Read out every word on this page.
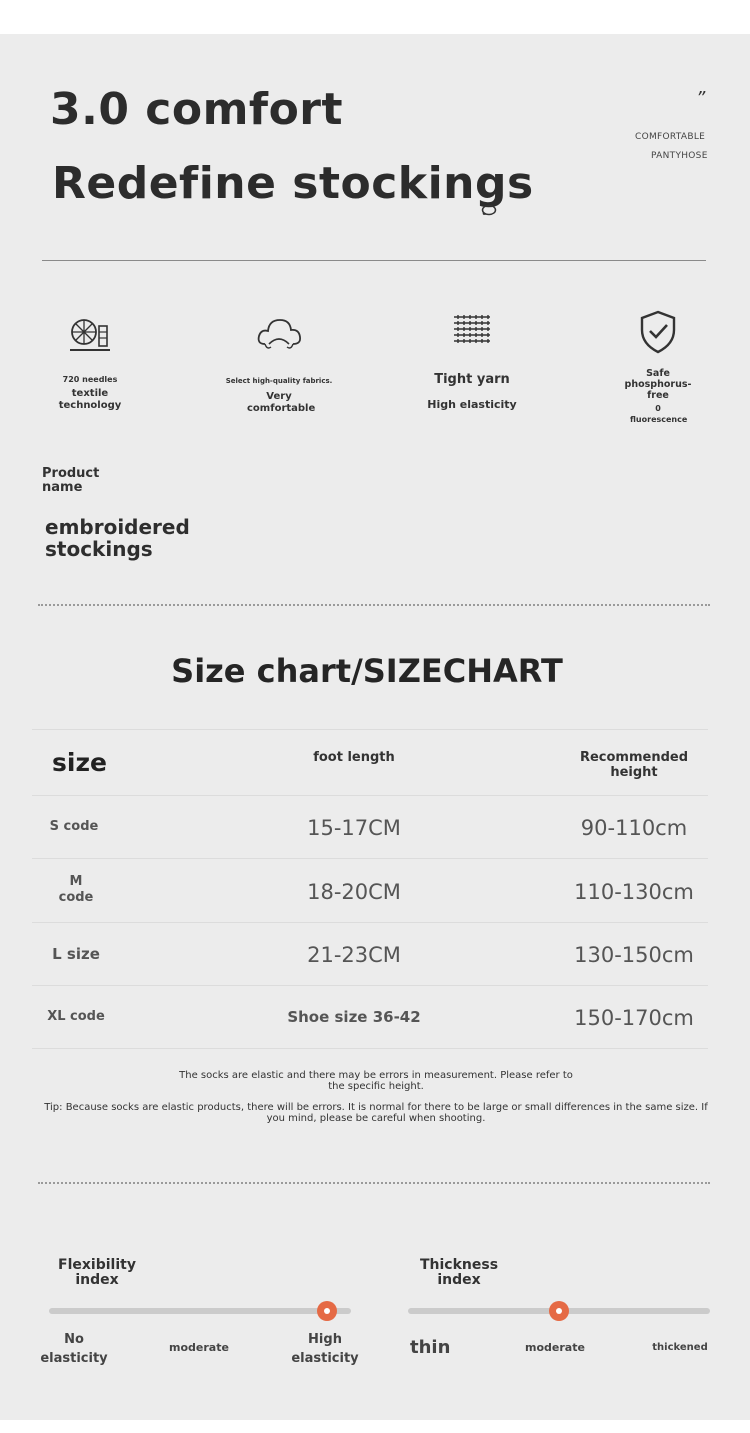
3.0 comfort
Redefine stockings
”
COMFORTABLE
PANTYHOSE
720 needles
textile technology
Select high-quality fabrics.
Very comfortable
Tight yarn
High elasticity
Safe phosphorus-free
0 fluorescence
Product name
embroidered stockings
Size chart/SIZECHART
size	foot length	Recommended height
S code	15-17CM	90-110cm
M code	18-20CM	110-130cm
L size	21-23CM	130-150cm
XL code	Shoe size 36-42	150-170cm
The socks are elastic and there may be errors in measurement. Please refer to the specific height.
Tip: Because socks are elastic products, there will be errors. It is normal for there to be large or small differences in the same size. If you mind, please be careful when shooting.
Flexibility index
No elasticity
moderate
High elasticity
Thickness index
thin	moderate	thickened
